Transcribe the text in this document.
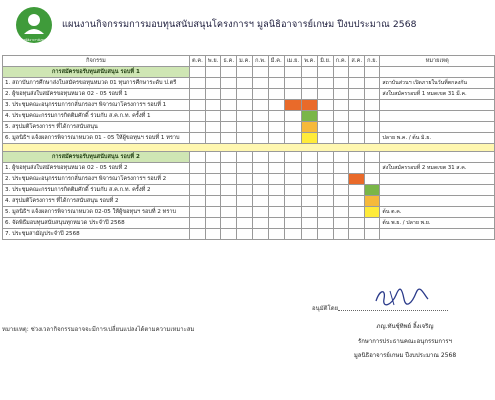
มูลนิธิอาจารย์เกษม
แผนงานกิจกรรมการมอบทุนสนับสนุนโครงการฯ มูลนิธิอาจารย์เกษม ปีงบประมาณ 2568
กิจกรรม	ต.ค.	พ.ย.	ธ.ค.	ม.ค.	ก.พ.	มี.ค.	เม.ย.	พ.ค.	มิ.ย.	ก.ค.	ส.ค.	ก.ย.	หมายเหตุ
การสมัครขอรับทุนสนับสนุน รอบที่ 1													
1. สถาบันการศึกษาส่งใบสมัครขอทุนหมวด 01 ทุนการศึกษาระดับ ป.ตรี													สถาบันส่วนฯ เปิดภายในวันที่ตกลงกัน
2. ผู้ขอทุนส่งใบสมัครขอทุนหมวด 02 - 05 รอบที่ 1													ส่งใบสมัครรอบที่ 1 หมดเขต 31 มี.ค.
3. ประชุมคณะอนุกรรมการกลั่นกรองฯ พิจารณาโครงการฯ รอบที่ 1													
4. ประชุมคณะกรรมการกิตติมศักดิ์ ร่วมกับ ส.ค.ก.ท. ครั้งที่ 1													
5. สรุปมติโครงการฯ ที่ได้การสนับสนุน													
6. มูลนิธิฯ แจ้งผลการพิจารณาหมวด 01 - 05 ให้ผู้ขอทุนฯ รอบที่ 1 ทราบ													ปลาย พ.ค. / ต้น มิ.ย.

การสมัครขอรับทุนสนับสนุน รอบที่ 2													
1. ผู้ขอทุนส่งใบสมัครขอทุนหมวด 02 - 05 รอบที่ 2													ส่งใบสมัครรอบที่ 2 หมดเขต 31 ส.ค.
2. ประชุมคณะอนุกรรมการกลั่นกรองฯ พิจารณาโครงการฯ รอบที่ 2													
3. ประชุมคณะกรรมการกิตติมศักดิ์ ร่วมกับ ส.ค.ก.ท. ครั้งที่ 2													
4. สรุปมติโครงการฯ ที่ได้การสนับสนุน รอบที่ 2													
5. มูลนิธิฯ แจ้งผลการพิจารณาหมวด 02-05 ให้ผู้ขอทุนฯ รอบที่ 2 ทราบ													ต้น ต.ค.
6. จัดพิธีมอบทุนสนับสนุนทุกหมวด ประจำปี 2568													ต้น พ.ย. / ปลาย พ.ย.
7. ประชุมสามัญประจำปี 2568													
หมายเหตุ: ช่วงเวลากิจกรรมอาจจะมีการเปลี่ยนแปลงได้ตามความเหมาะสม
อนุมัติโดย
ภญ.ทันชุ์ทิพย์ ลิ้งเจริญ
รักษาการประธานคณะอนุกรรมการฯ
มูลนิธิอาจารย์เกษม ปีงบประมาณ 2568
